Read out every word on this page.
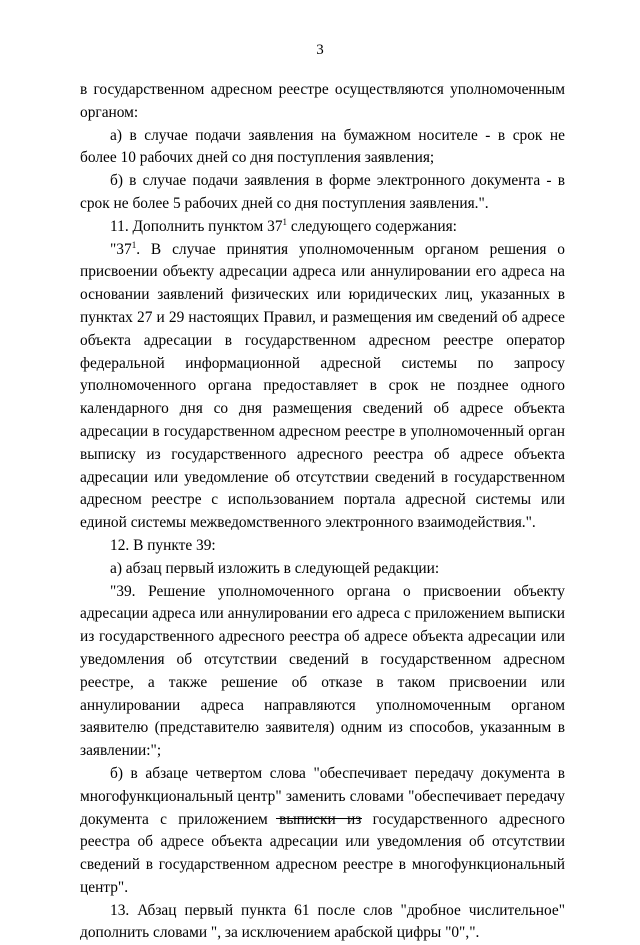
3

в государственном адресном реестре осуществляются уполномоченным органом:

а) в случае подачи заявления на бумажном носителе - в срок не более 10 рабочих дней со дня поступления заявления;

б) в случае подачи заявления в форме электронного документа - в срок не более 5 рабочих дней со дня поступления заявления.".

11. Дополнить пунктом $37^1$ следующего содержания:

"$37^1$. В случае принятия уполномоченным органом решения о присвоении объекту адресации адреса или аннулировании его адреса на основании заявлений физических или юридических лиц, указанных в пунктах 27 и 29 настоящих Правил, и размещения им сведений об адресе объекта адресации в государственном адресном реестре оператор федеральной информационной адресной системы по запросу уполномоченного органа предоставляет в срок не позднее одного календарного дня со дня размещения сведений об адресе объекта адресации в государственном адресном реестре в уполномоченный орган выписку из государственного адресного реестра об адресе объекта адресации или уведомление об отсутствии сведений в государственном адресном реестре с использованием портала адресной системы или единой системы межведомственного электронного взаимодействия.".

12. В пункте 39:

а) абзац первый изложить в следующей редакции:

"39. Решение уполномоченного органа о присвоении объекту адресации адреса или аннулировании его адреса с приложением выписки из государственного адресного реестра об адресе объекта адресации или уведомления об отсутствии сведений в государственном адресном реестре, а также решение об отказе в таком присвоении или аннулировании адреса направляются уполномоченным органом заявителю (представителю заявителя) одним из способов, указанным в заявлении:";

б) в абзаце четвертом слова "обеспечивает передачу документа в многофункциональный центр" заменить словами "обеспечивает передачу документа с приложением выписки из государственного адресного реестра об адресе объекта адресации или уведомления об отсутствии сведений в государственном адресном реестре в многофункциональный центр".

13. Абзац первый пункта 61 после слов "дробное числительное" дополнить словами ", за исключением арабской цифры "0",".
